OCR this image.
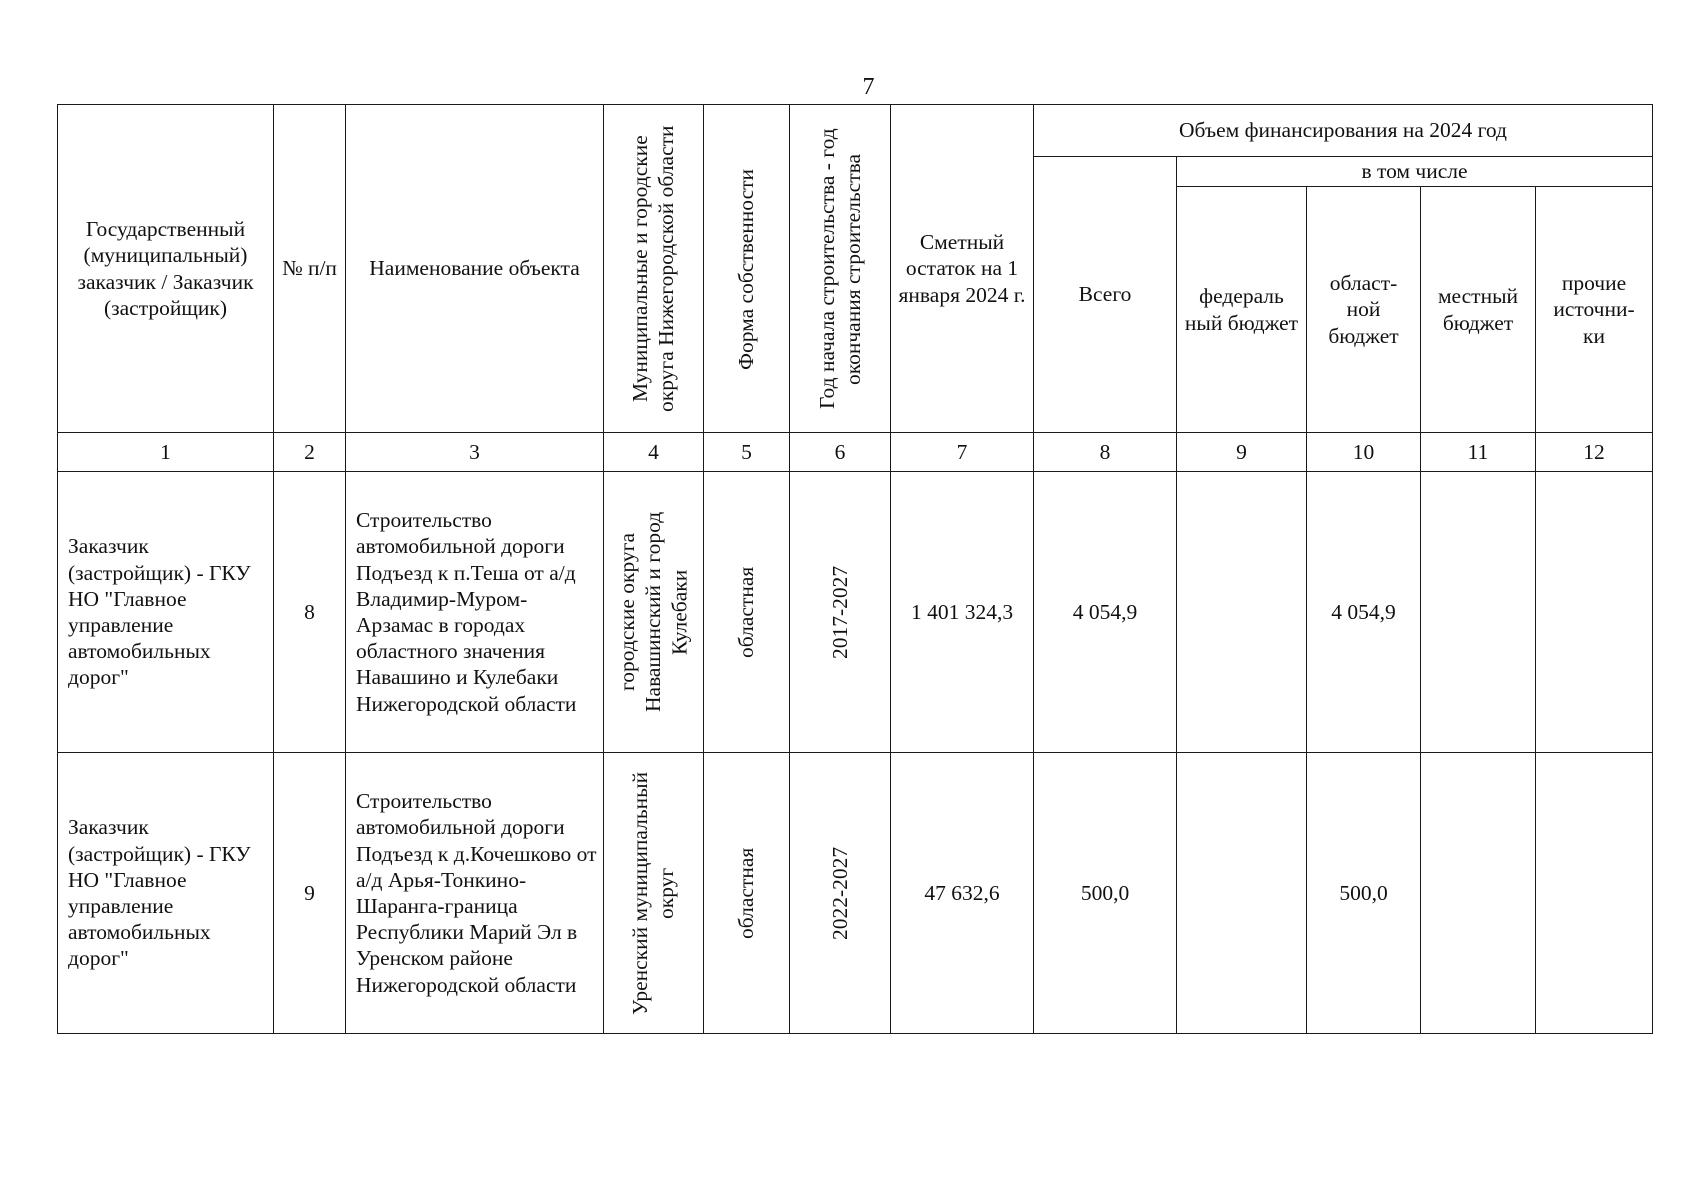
7
Государственный (муниципальный) заказчик / Заказчик (застройщик)	№ п/п	Наименование объекта	Муниципальные и городские округа Нижегородской области	Форма собственности	Год начала строительства - год окончания строительства	Сметный остаток на 1 января 2024 г.	Объем финансирования на 2024 год				
							Всего	в том числе			
								федераль ный бюджет	област- ной бюджет	местный бюджет	прочие источни- ки
1	2	3	4	5	6	7	8	9	10	11	12
Заказчик (застройщик) - ГКУ НО "Главное управление автомобильных дорог"	8	Строительство автомобильной дороги Подъезд к п.Теша от а/д Владимир-Муром-Арзамас в городах областного значения Навашино и Кулебаки Нижегородской области	городские округа Навашинский и город Кулебаки	областная	2017-2027	1 401 324,3	4 054,9		4 054,9		
Заказчик (застройщик) - ГКУ НО "Главное управление автомобильных дорог"	9	Строительство автомобильной дороги Подъезд к д.Кочешково от а/д Арья-Тонкино-Шаранга-граница Республики Марий Эл в Уренском районе Нижегородской области	Уренский муниципальный округ	областная	2022-2027	47 632,6	500,0		500,0		
